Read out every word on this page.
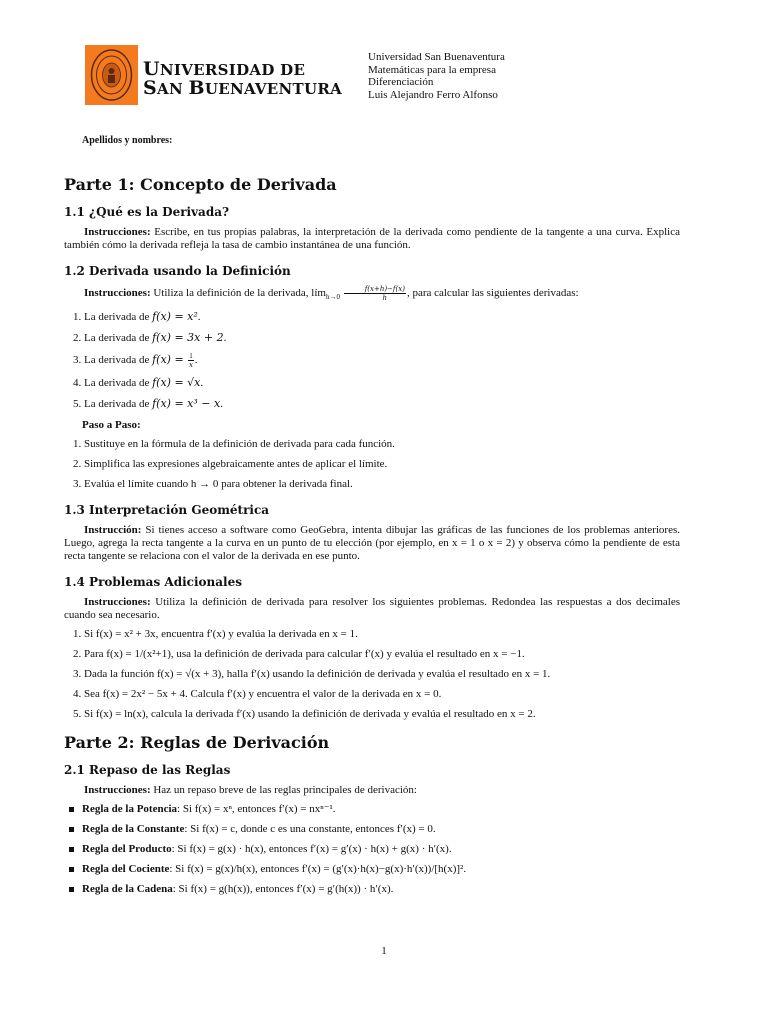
UNIVERSIDAD DE
SAN BUENAVENTURA
Universidad San Buenaventura
Matemáticas para la empresa
Diferenciación
Luis Alejandro Ferro Alfonso
Apellidos y nombres:
Parte 1: Concepto de Derivada
1.1 ¿Qué es la Derivada?

Instrucciones: Escribe, en tus propias palabras, la interpretación de la derivada como pendiente de la tangente a una curva. Explica también cómo la derivada refleja la tasa de cambio instantánea de una función.

1.2 Derivada usando la Definición

Instrucciones: Utiliza la definición de la derivada, lím$_{h\to 0}$ $\frac{f(x+h)-f(x)}{h}$ , para calcular las siguientes derivadas:

1. La derivada de f(x) = x².
2. La derivada de f(x) = 3x + 2.
3. La derivada de $f(x) = \frac{1}{x}$ .
4. La derivada de f(x) = √x.
5. La derivada de f(x) = x³ − x.
Paso a Paso:
1. Sustituye en la fórmula de la definición de derivada para cada función.
2. Simplifica las expresiones algebraicamente antes de aplicar el límite.
3. Evalúa el límite cuando h → 0 para obtener la derivada final.
1.3 Interpretación Geométrica

Instrucción: Si tienes acceso a software como GeoGebra, intenta dibujar las gráficas de las funciones de los problemas anteriores. Luego, agrega la recta tangente a la curva en un punto de tu elección (por ejemplo, en x = 1 o x = 2) y observa cómo la pendiente de esta recta tangente se relaciona con el valor de la derivada en ese punto.

1.4 Problemas Adicionales

Instrucciones: Utiliza la definición de derivada para resolver los siguientes problemas. Redondea las respuestas a dos decimales cuando sea necesario.

1. Si f(x) = x² + 3x, encuentra f′(x) y evalúa la derivada en x = 1.
2. Para f(x) = 1/(x²+1), usa la definición de derivada para calcular f′(x) y evalúa el resultado en x = −1.
3. Dada la función f(x) = √(x + 3), halla f′(x) usando la definición de derivada y evalúa el resultado en x = 1.
4. Sea f(x) = 2x² − 5x + 4. Calcula f′(x) y encuentra el valor de la derivada en x = 0.
5. Si f(x) = ln(x), calcula la derivada f′(x) usando la definición de derivada y evalúa el resultado en x = 2.
Parte 2: Reglas de Derivación
2.1 Repaso de las Reglas

Instrucciones: Haz un repaso breve de las reglas principales de derivación:

Regla de la Potencia: Si f(x) = xⁿ, entonces f′(x) = nxⁿ⁻¹.
Regla de la Constante: Si f(x) = c, donde c es una constante, entonces f′(x) = 0.
Regla del Producto: Si f(x) = g(x) · h(x), entonces f′(x) = g′(x) · h(x) + g(x) · h′(x).
Regla del Cociente: Si f(x) = g(x)/h(x), entonces f′(x) = (g′(x)·h(x)−g(x)·h′(x))/[h(x)]².
Regla de la Cadena: Si f(x) = g(h(x)), entonces f′(x) = g′(h(x)) · h′(x).
1
